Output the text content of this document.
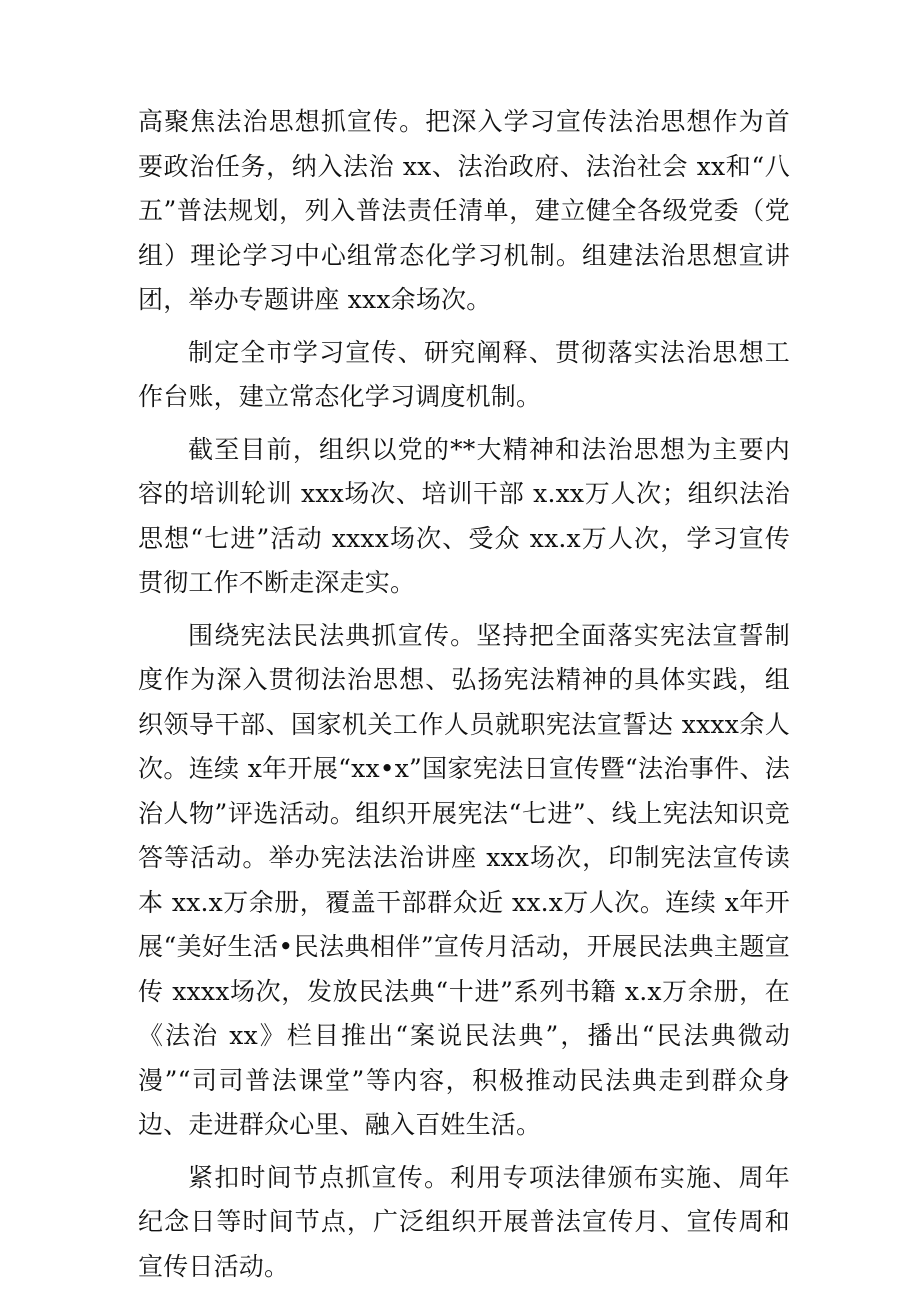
高聚焦法治思想抓宣传。把深入学习宣传法治思想作为首要政治任务，纳入法治 xx、法治政府、法治社会 xx和“八五”普法规划，列入普法责任清单，建立健全各级党委（党组）理论学习中心组常态化学习机制。组建法治思想宣讲团，举办专题讲座 xxx余场次。

制定全市学习宣传、研究阐释、贯彻落实法治思想工作台账，建立常态化学习调度机制。

截至目前，组织以党的**大精神和法治思想为主要内容的培训轮训 xxx场次、培训干部 x.xx万人次；组织法治思想“七进”活动 xxxx场次、受众 xx.x万人次，学习宣传贯彻工作不断走深走实。

围绕宪法民法典抓宣传。坚持把全面落实宪法宣誓制度作为深入贯彻法治思想、弘扬宪法精神的具体实践，组织领导干部、国家机关工作人员就职宪法宣誓达 xxxx余人次。连续 x年开展“xx•x”国家宪法日宣传暨“法治事件、法治人物”评选活动。组织开展宪法“七进”、线上宪法知识竞答等活动。举办宪法法治讲座 xxx场次，印制宪法宣传读本 xx.x万余册，覆盖干部群众近 xx.x万人次。连续 x年开展“美好生活•民法典相伴”宣传月活动，开展民法典主题宣传 xxxx场次，发放民法典“十进”系列书籍 x.x万余册，在《法治 xx》栏目推出“案说民法典”，播出“民法典微动漫”“司司普法课堂”等内容，积极推动民法典走到群众身边、走进群众心里、融入百姓生活。

紧扣时间节点抓宣传。利用专项法律颁布实施、周年纪念日等时间节点，广泛组织开展普法宣传月、宣传周和宣传日活动。
